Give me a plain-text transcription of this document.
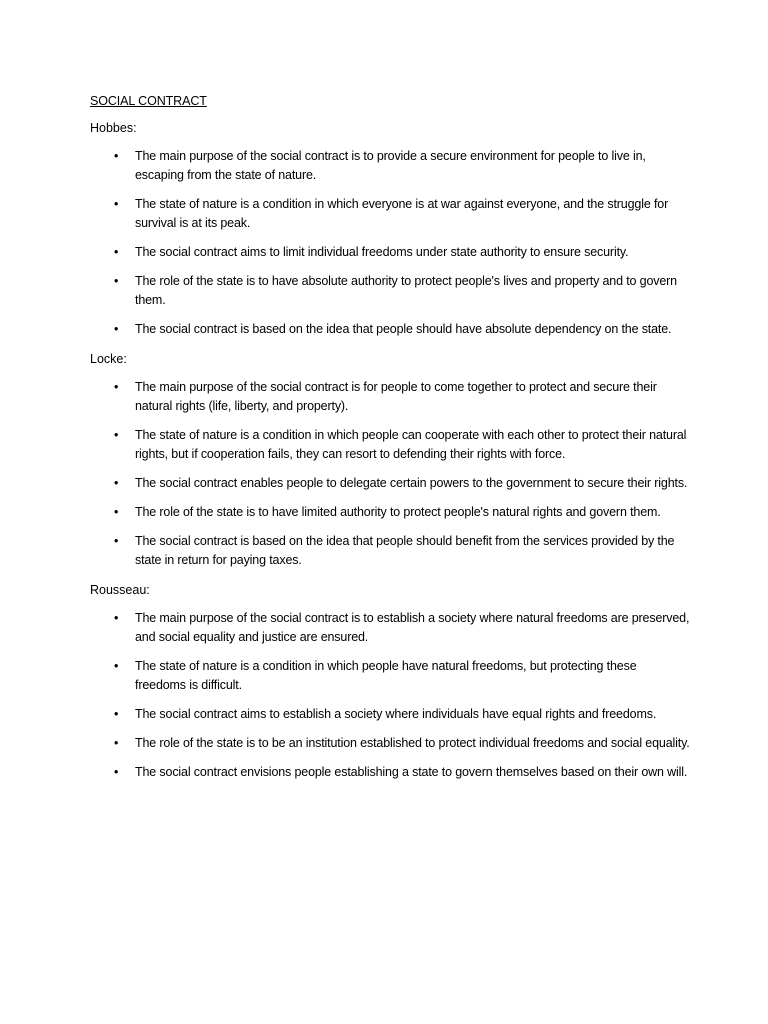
SOCIAL CONTRACT
Hobbes:
• The main purpose of the social contract is to provide a secure environment for people to live in, escaping from the state of nature.
• The state of nature is a condition in which everyone is at war against everyone, and the struggle for survival is at its peak.
• The social contract aims to limit individual freedoms under state authority to ensure security.
• The role of the state is to have absolute authority to protect people's lives and property and to govern them.
• The social contract is based on the idea that people should have absolute dependency on the state.
Locke:
• The main purpose of the social contract is for people to come together to protect and secure their natural rights (life, liberty, and property).
• The state of nature is a condition in which people can cooperate with each other to protect their natural rights, but if cooperation fails, they can resort to defending their rights with force.
• The social contract enables people to delegate certain powers to the government to secure their rights.
• The role of the state is to have limited authority to protect people's natural rights and govern them.
• The social contract is based on the idea that people should benefit from the services provided by the state in return for paying taxes.
Rousseau:
• The main purpose of the social contract is to establish a society where natural freedoms are preserved, and social equality and justice are ensured.
• The state of nature is a condition in which people have natural freedoms, but protecting these freedoms is difficult.
• The social contract aims to establish a society where individuals have equal rights and freedoms.
• The role of the state is to be an institution established to protect individual freedoms and social equality.
• The social contract envisions people establishing a state to govern themselves based on their own will.
